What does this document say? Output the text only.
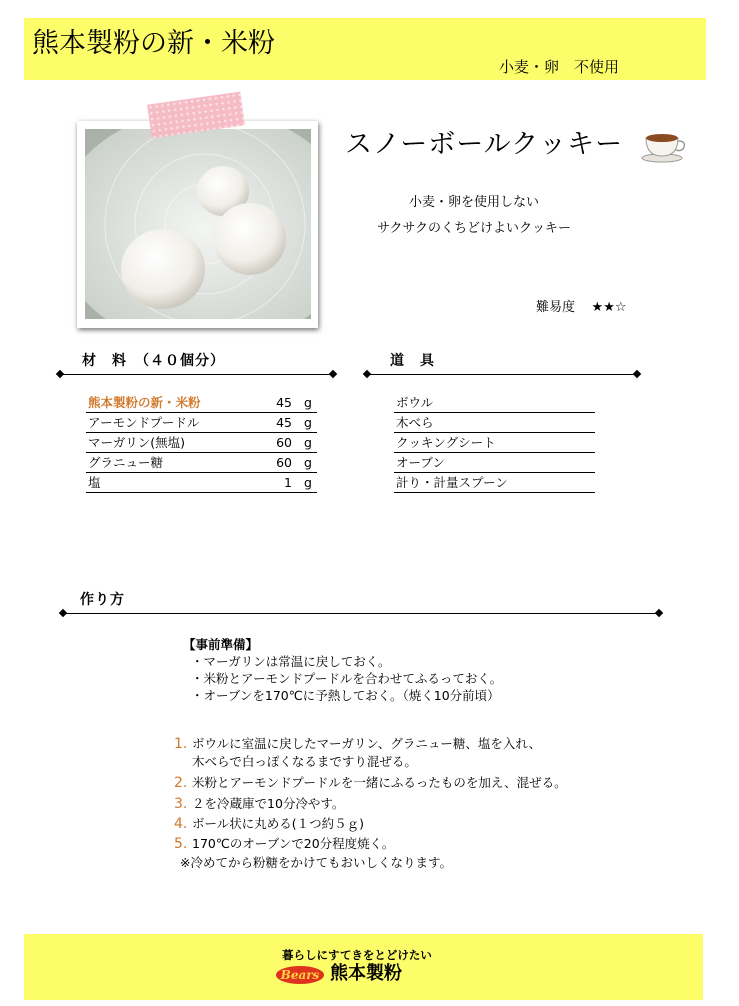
熊本製粉の新・米粉
小麦・卵　不使用
スノーボールクッキー
小麦・卵を使用しない
サクサクのくちどけよいクッキー
難易度 ★★☆
材　料　（４０個分）	道　具
熊本製粉の新・米粉	45 g
アーモンドプードル	45 g
マーガリン(無塩)	60 g
グラニュー糖	60 g
塩	1 g
ボウル
木べら
クッキングシート
オーブン
計り・計量スプーン
作り方
【事前準備】
・マーガリンは常温に戻しておく。
・米粉とアーモンドプードルを合わせてふるっておく。
・オーブンを170℃に予熱しておく。（焼く10分前頃）
1. ボウルに室温に戻したマーガリン、グラニュー糖、塩を入れ、
木べらで白っぽくなるまですり混ぜる。
2. 米粉とアーモンドプードルを一緒にふるったものを加え、混ぜる。
3. ２を冷蔵庫で10分冷やす。
4. ボール状に丸める(１つ約５ｇ)
5. 170℃のオーブンで20分程度焼く。
※冷めてから粉糖をかけてもおいしくなります。
暮らしにすてきをとどけたい
Bears 熊本製粉
